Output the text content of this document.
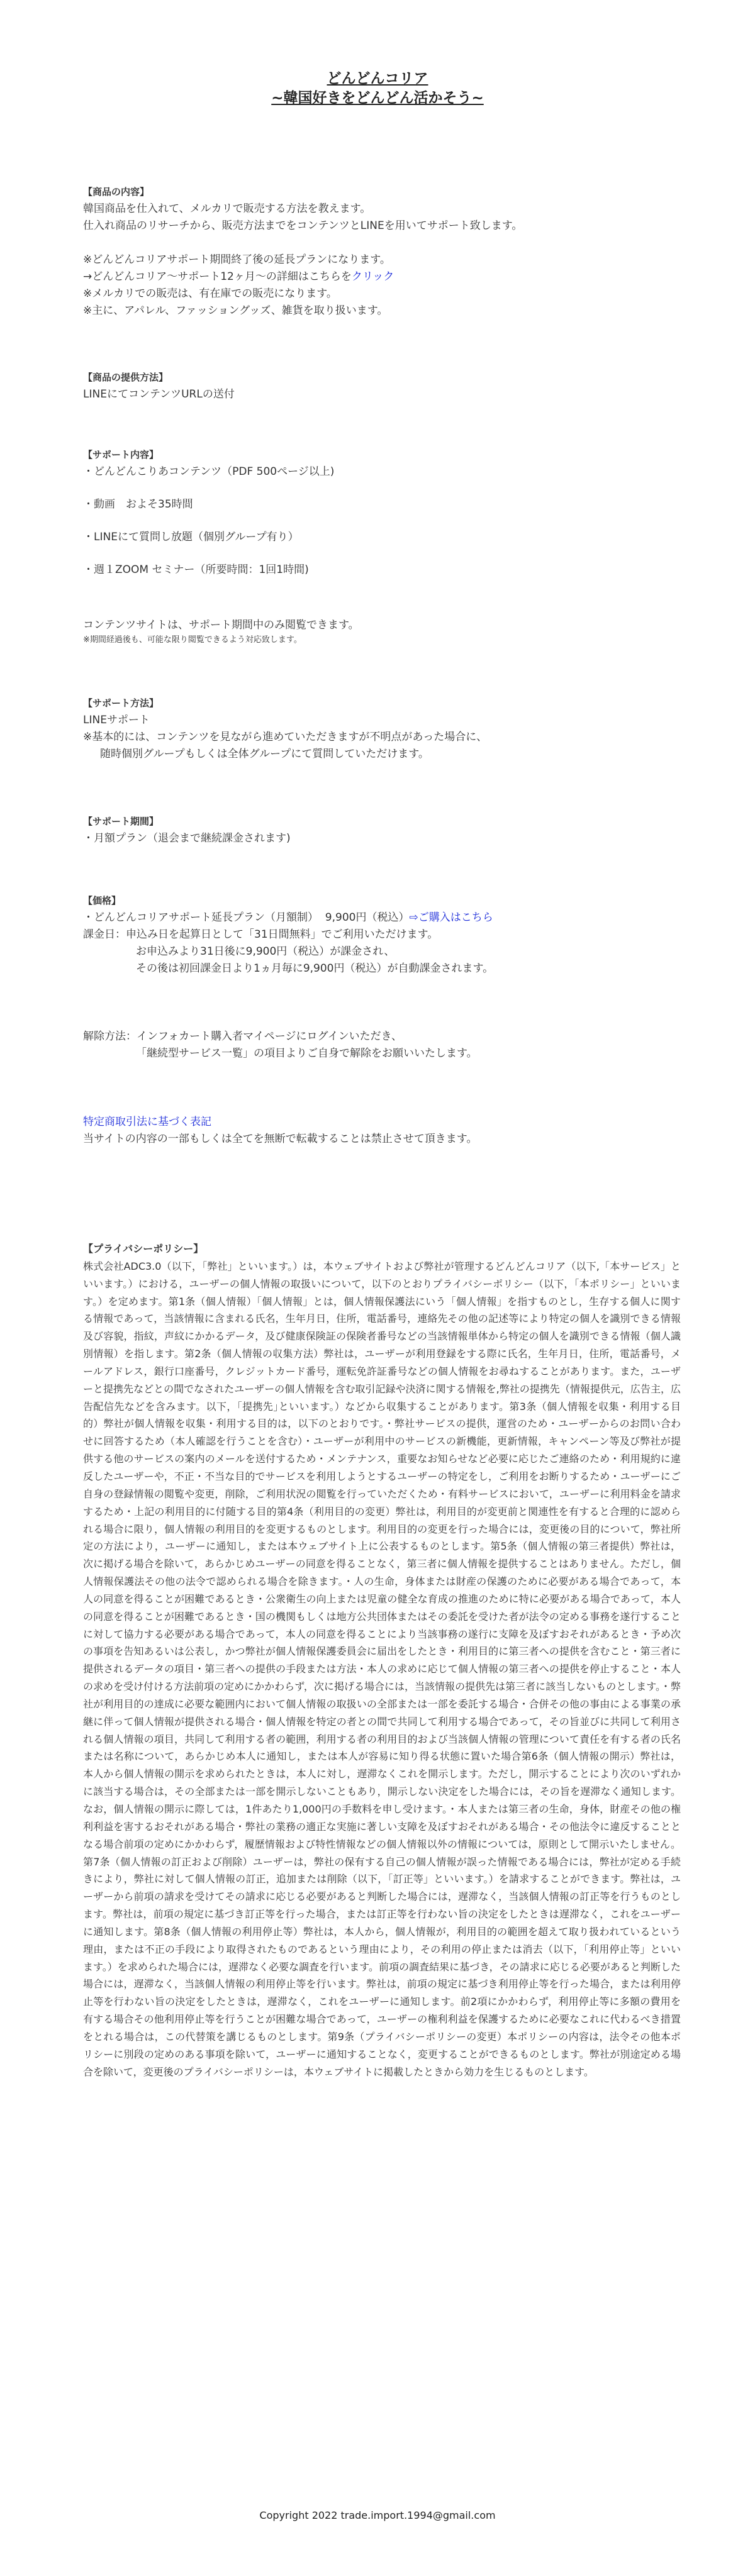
どんどんコリア

~韓国好きをどんどん活かそう~

【商品の内容】

韓国商品を仕入れて、メルカリで販売する方法を教えます。

仕入れ商品のリサーチから、販売方法までをコンテンツとLINEを用いてサポート致します。

※どんどんコリアサポート期間終了後の延長プランになります。

→どんどんコリア〜サポート12ヶ月〜の詳細はこちらをクリック

※メルカリでの販売は、有在庫での販売になります。

※主に、アパレル、ファッショングッズ、雑貨を取り扱います。

【商品の提供方法】

LINEにてコンテンツURLの送付

【サポート内容】

・どんどんこりあコンテンツ（PDF 500ページ以上)

・動画　およそ35時間

・LINEにて質問し放題（個別グループ有り）

・週１ZOOM セミナー（所要時間：1回1時間)

コンテンツサイトは、サポート期間中のみ閲覧できます。

※期間経過後も、可能な限り閲覧できるよう対応致します。

【サポート方法】

LINEサポート

※基本的には、コンテンツを見ながら進めていただきますが不明点があった場合に、

随時個別グループもしくは全体グループにて質問していただけます。

【サポート期間】

・月額プラン（退会まで継続課金されます)

【価格】

・どんどんコリアサポート延長プラン（月額制）  9,900円（税込）⇨ご購入はこちら

課金日：申込み日を起算日として「31日間無料」でご利用いただけます。

お申込みより31日後に9,900円（税込）が課金され、

その後は初回課金日より1ヵ月毎に9,900円（税込）が自動課金されます。

解除方法：インフォカート購入者マイページにログインいただき、

「継続型サービス一覧」の項目よりご自身で解除をお願いいたします。

特定商取引法に基づく表記

当サイトの内容の一部もしくは全てを無断で転載することは禁止させて頂きます。

【プライバシーポリシー】

株式会社ADC3.0（以下，「弊社」といいます。）は，本ウェブサイトおよび弊社が管理するどんどんコリア（以下,「本サービス」といいます。）における，ユーザーの個人情報の取扱いについて，以下のとおりプライバシーポリシー（以下，「本ポリシー」といいます。）を定めます。第1条（個人情報）「個人情報」とは，個人情報保護法にいう「個人情報」を指すものとし，生存する個人に関する情報であって，当該情報に含まれる氏名，生年月日，住所，電話番号，連絡先その他の記述等により特定の個人を識別できる情報及び容貌，指紋，声紋にかかるデータ，及び健康保険証の保険者番号などの当該情報単体から特定の個人を識別できる情報（個人識別情報）を指します。第2条（個人情報の収集方法）弊社は，ユーザーが利用登録をする際に氏名，生年月日，住所，電話番号，メールアドレス，銀行口座番号，クレジットカード番号，運転免許証番号などの個人情報をお尋ねすることがあります。また，ユーザーと提携先などとの間でなされたユーザーの個人情報を含む取引記録や決済に関する情報を,弊社の提携先（情報提供元，広告主，広告配信先などを含みます。以下，｢提携先｣といいます。）などから収集することがあります。第3条（個人情報を収集・利用する目的）弊社が個人情報を収集・利用する目的は，以下のとおりです。・弊社サービスの提供，運営のため・ユーザーからのお問い合わせに回答するため（本人確認を行うことを含む）・ユーザーが利用中のサービスの新機能，更新情報，キャンペーン等及び弊社が提供する他のサービスの案内のメールを送付するため・メンテナンス，重要なお知らせなど必要に応じたご連絡のため・利用規約に違反したユーザーや，不正・不当な目的でサービスを利用しようとするユーザーの特定をし，ご利用をお断りするため・ユーザーにご自身の登録情報の閲覧や変更，削除，ご利用状況の閲覧を行っていただくため・有料サービスにおいて，ユーザーに利用料金を請求するため・上記の利用目的に付随する目的第4条（利用目的の変更）弊社は，利用目的が変更前と関連性を有すると合理的に認められる場合に限り，個人情報の利用目的を変更するものとします。利用目的の変更を行った場合には，変更後の目的について，弊社所定の方法により，ユーザーに通知し，または本ウェブサイト上に公表するものとします。第5条（個人情報の第三者提供）弊社は，次に掲げる場合を除いて，あらかじめユーザーの同意を得ることなく，第三者に個人情報を提供することはありません。ただし，個人情報保護法その他の法令で認められる場合を除きます。・人の生命，身体または財産の保護のために必要がある場合であって，本人の同意を得ることが困難であるとき・公衆衛生の向上または児童の健全な育成の推進のために特に必要がある場合であって，本人の同意を得ることが困難であるとき・国の機関もしくは地方公共団体またはその委託を受けた者が法令の定める事務を遂行することに対して協力する必要がある場合であって，本人の同意を得ることにより当該事務の遂行に支障を及ぼすおそれがあるとき・予め次の事項を告知あるいは公表し，かつ弊社が個人情報保護委員会に届出をしたとき・利用目的に第三者への提供を含むこと・第三者に提供されるデータの項目・第三者への提供の手段または方法・本人の求めに応じて個人情報の第三者への提供を停止すること・本人の求めを受け付ける方法前項の定めにかかわらず，次に掲げる場合には，当該情報の提供先は第三者に該当しないものとします。・弊社が利用目的の達成に必要な範囲内において個人情報の取扱いの全部または一部を委託する場合・合併その他の事由による事業の承継に伴って個人情報が提供される場合・個人情報を特定の者との間で共同して利用する場合であって，その旨並びに共同して利用される個人情報の項目，共同して利用する者の範囲，利用する者の利用目的および当該個人情報の管理について責任を有する者の氏名または名称について，あらかじめ本人に通知し，または本人が容易に知り得る状態に置いた場合第6条（個人情報の開示）弊社は，本人から個人情報の開示を求められたときは，本人に対し，遅滞なくこれを開示します。ただし，開示することにより次のいずれかに該当する場合は，その全部または一部を開示しないこともあり，開示しない決定をした場合には，その旨を遅滞なく通知します。なお，個人情報の開示に際しては，1件あたり1,000円の手数料を申し受けます。・本人または第三者の生命，身体，財産その他の権利利益を害するおそれがある場合・弊社の業務の適正な実施に著しい支障を及ぼすおそれがある場合・その他法令に違反することとなる場合前項の定めにかかわらず，履歴情報および特性情報などの個人情報以外の情報については，原則として開示いたしません。第7条（個人情報の訂正および削除）ユーザーは，弊社の保有する自己の個人情報が誤った情報である場合には，弊社が定める手続きにより，弊社に対して個人情報の訂正，追加または削除（以下，「訂正等」といいます。）を請求することができます。弊社は，ユーザーから前項の請求を受けてその請求に応じる必要があると判断した場合には，遅滞なく，当該個人情報の訂正等を行うものとします。弊社は，前項の規定に基づき訂正等を行った場合，または訂正等を行わない旨の決定をしたときは遅滞なく，これをユーザーに通知します。第8条（個人情報の利用停止等）弊社は，本人から，個人情報が，利用目的の範囲を超えて取り扱われているという理由，または不正の手段により取得されたものであるという理由により，その利用の停止または消去（以下，「利用停止等」といいます。）を求められた場合には，遅滞なく必要な調査を行います。前項の調査結果に基づき，その請求に応じる必要があると判断した場合には，遅滞なく，当該個人情報の利用停止等を行います。弊社は，前項の規定に基づき利用停止等を行った場合，または利用停止等を行わない旨の決定をしたときは，遅滞なく，これをユーザーに通知します。前2項にかかわらず，利用停止等に多額の費用を有する場合その他利用停止等を行うことが困難な場合であって，ユーザーの権利利益を保護するために必要なこれに代わるべき措置をとれる場合は，この代替策を講じるものとします。第9条（プライバシーポリシーの変更）本ポリシーの内容は，法令その他本ポリシーに別段の定めのある事項を除いて，ユーザーに通知することなく，変更することができるものとします。弊社が別途定める場合を除いて，変更後のプライバシーポリシーは，本ウェブサイトに掲載したときから効力を生じるものとします。

Copyright 2022 trade.import.1994@gmail.com
